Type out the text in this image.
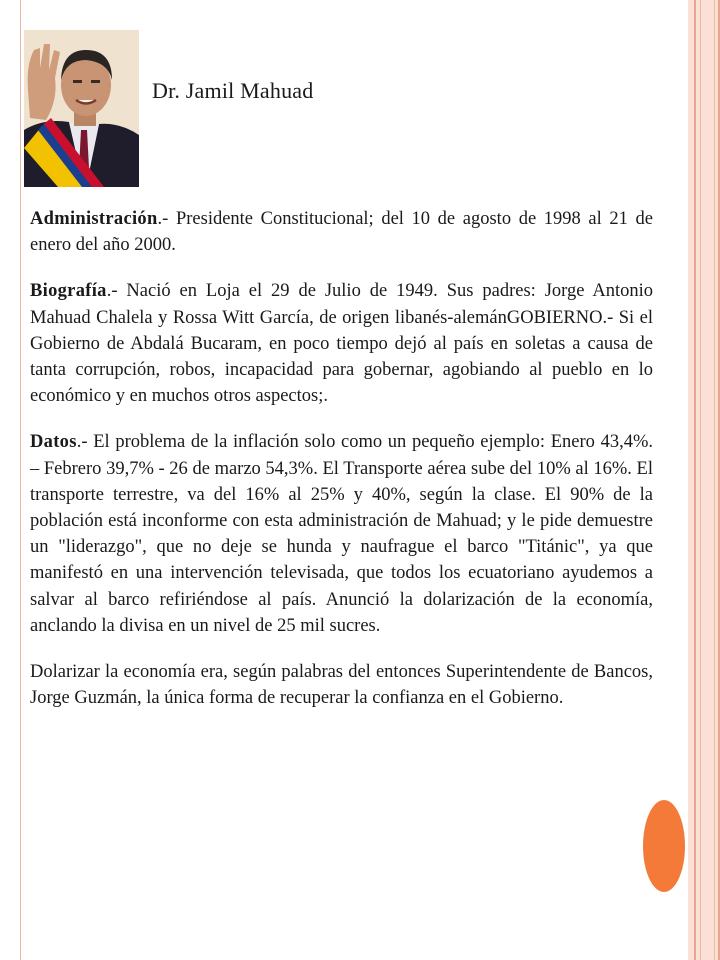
Dr. Jamil Mahuad

Administración.- Presidente Constitucional; del 10 de agosto de 1998 al 21 de enero del año 2000.

Biografía.- Nació en Loja el 29 de Julio de 1949. Sus padres: Jorge Antonio Mahuad Chalela y Rossa Witt García, de origen libanés-alemánGOBIERNO.- Si el Gobierno de Abdalá Bucaram, en poco tiempo dejó al país en soletas a causa de tanta corrupción, robos, incapacidad para gobernar, agobiando al pueblo en lo económico y en muchos otros aspectos;.

Datos.- El problema de la inflación solo como un pequeño ejemplo: Enero 43,4%. – Febrero 39,7% - 26 de marzo 54,3%. El Transporte aérea sube del 10% al 16%. El transporte terrestre, va del 16% al 25% y 40%, según la clase. El 90% de la población está inconforme con esta administración de Mahuad; y le pide demuestre un "liderazgo", que no deje se hunda y naufrague el barco "Titánic", ya que manifestó en una intervención televisada, que todos los ecuatoriano ayudemos a salvar al barco refiriéndose al país. Anunció la dolarización de la economía, anclando la divisa en un nivel de 25 mil sucres.

Dolarizar la economía era, según palabras del entonces Superintendente de Bancos, Jorge Guzmán, la única forma de recuperar la confianza en el Gobierno.
